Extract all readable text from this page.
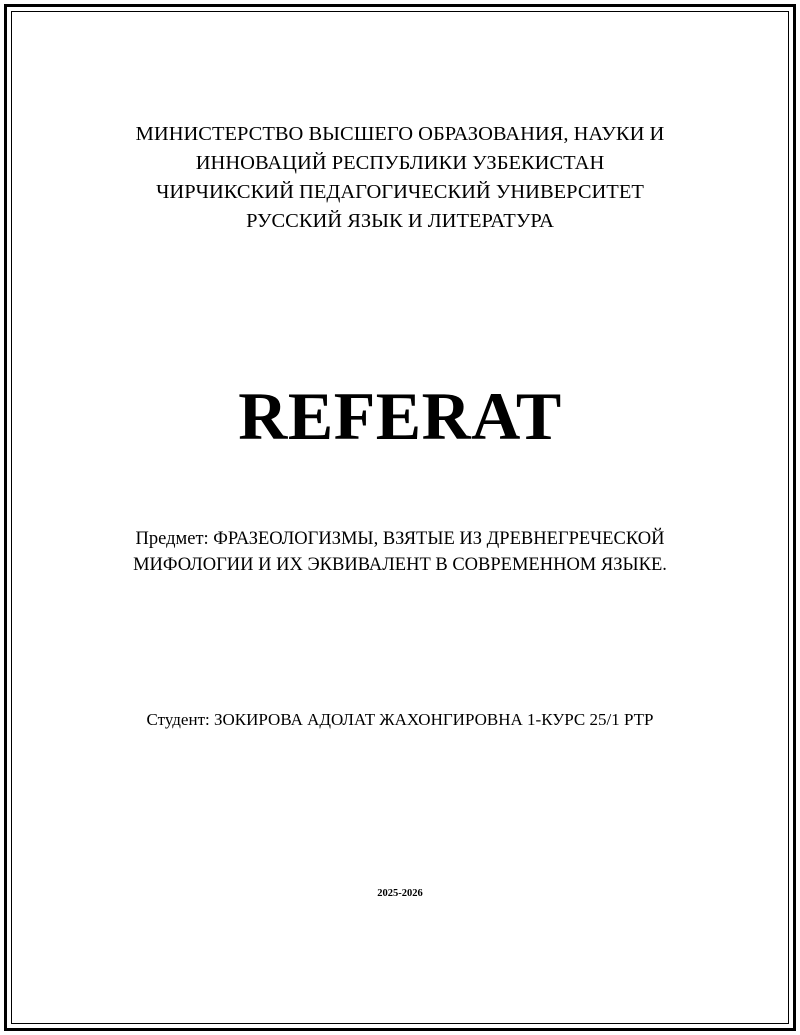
МИНИСТЕРСТВО ВЫСШЕГО ОБРАЗОВАНИЯ, НАУКИ И
ИННОВАЦИЙ РЕСПУБЛИКИ УЗБЕКИСТАН
ЧИРЧИКСКИЙ ПЕДАГОГИЧЕСКИЙ УНИВЕРСИТЕТ
РУССКИЙ ЯЗЫК И ЛИТЕРАТУРА
REFERAT
Предмет: ФРАЗЕОЛОГИЗМЫ, ВЗЯТЫЕ ИЗ ДРЕВНЕГРЕЧЕСКОЙ
МИФОЛОГИИ И ИХ ЭКВИВАЛЕНТ В СОВРЕМЕННОМ ЯЗЫКЕ.
Студент: ЗОКИРОВА АДОЛАТ ЖАХОНГИРОВНА 1-КУРС 25/1 РТР
2025-2026
